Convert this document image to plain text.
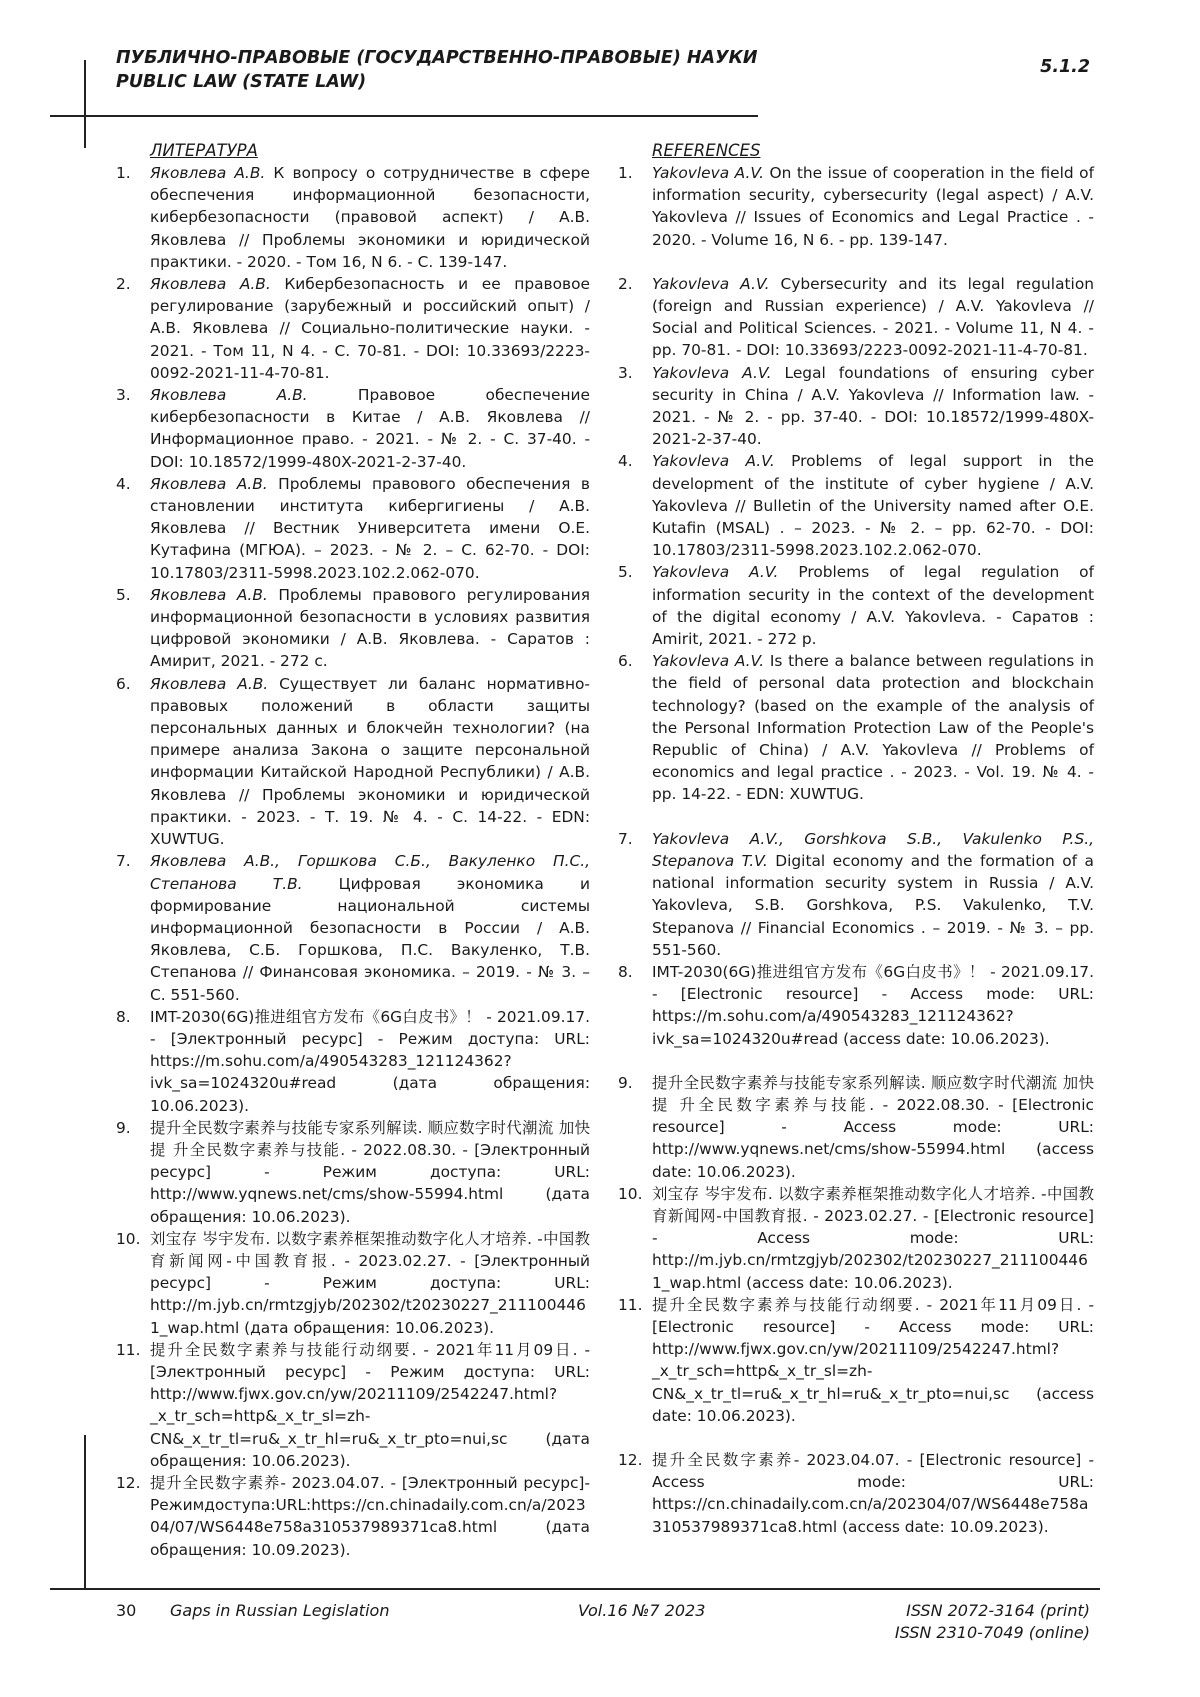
ПУБЛИЧНО-ПРАВОВЫЕ (ГОСУДАРСТВЕННО-ПРАВОВЫЕ) НАУКИ
PUBLIC LAW (STATE LAW)
5.1.2
ЛИТЕРАТУРА
1.	Яковлева А.В. К вопросу о сотрудничестве в сфере обеспечения информационной безопасности, кибербезопасности (правовой аспект) / А.В. Яковлева // Проблемы экономики и юридической практики. - 2020. - Том 16, N 6. - С. 139-147.
2.	Яковлева А.В. Кибербезопасность и ее правовое регулирование (зарубежный и российский опыт) / А.В. Яковлева // Социально-политические науки. - 2021. - Том 11, N 4. - С. 70-81. - DOI: 10.33693/2223-0092-2021-11-4-70-81.
3.	Яковлева А.В. Правовое обеспечение кибербезопасности в Китае / А.В. Яковлева // Информационное право. - 2021. - № 2. - С. 37-40. - DOI: 10.18572/1999-480X-2021-2-37-40.
4.	Яковлева А.В. Проблемы правового обеспечения в становлении института кибергигиены / А.В. Яковлева // Вестник Университета имени О.Е. Кутафина (МГЮА). – 2023. - № 2. – С. 62-70. - DOI: 10.17803/2311-5998.2023.102.2.062-070.
5.	Яковлева А.В. Проблемы правового регулирования информационной безопасности в условиях развития цифровой экономики / А.В. Яковлева. - Саратов : Амирит, 2021. - 272 с.
6.	Яковлева А.В. Существует ли баланс нормативно-правовых положений в области защиты персональных данных и блокчейн технологии? (на примере анализа Закона о защите персональной информации Китайской Народной Республики) / А.В. Яковлева // Проблемы экономики и юридической практики. - 2023. - Т. 19. № 4. - С. 14-22. - EDN: XUWTUG.
7.	Яковлева А.В., Горшкова С.Б., Вакуленко П.С., Степанова Т.В. Цифровая экономика и формирование национальной системы информационной безопасности в России / А.В. Яковлева, С.Б. Горшкова, П.С. Вакуленко, Т.В. Степанова // Финансовая экономика. – 2019. - № 3. – С. 551-560.
8.	IMT-2030(6G)推进组官方发布《6G白皮书》！ - 2021.09.17. - [Электронный ресурс] - Режим доступа: URL: https://m.sohu.com/a/490543283_121124362?ivk_sa=1024320u#read (дата обращения: 10.06.2023).
9.	提升全民数字素养与技能专家系列解读. 顺应数字时代潮流 加快提 升全民数字素养与技能. - 2022.08.30. - [Электронный ресурс] - Режим доступа: URL: http://www.yqnews.net/cms/show-55994.html (дата обращения: 10.06.2023).
10. 刘宝存 岑宇发布. 以数字素养框架推动数字化人才培养. -中国教育新闻网-中国教育报. - 2023.02.27. - [Электронный ресурс] - Режим доступа: URL: http://m.jyb.cn/rmtzgjyb/202302/t20230227_2111004461_wap.html (дата обращения: 10.06.2023).
11. 提升全民数字素养与技能行动纲要. - 2021年11月09日. - [Электронный ресурс] - Режим доступа: URL: http://www.fjwx.gov.cn/yw/20211109/2542247.html?_x_tr_sch=http&_x_tr_sl=zh-CN&_x_tr_tl=ru&_x_tr_hl=ru&_x_tr_pto=nui,sc (дата обращения: 10.06.2023).
12. 提升全民数字素养- 2023.04.07. - [Электронный ресурс]-Режимдоступа:URL:https://cn.chinadaily.com.cn/a/202304/07/WS6448e758a310537989371ca8.html (дата обращения: 10.09.2023).
REFERENCES
1.	Yakovleva A.V. On the issue of cooperation in the field of information security, cybersecurity (legal aspect) / A.V. Yakovleva // Issues of Economics and Legal Practice . - 2020. - Volume 16, N 6. - pp. 139-147.
2.	Yakovleva A.V. Cybersecurity and its legal regulation (foreign and Russian experience) / A.V. Yakovleva // Social and Political Sciences. - 2021. - Volume 11, N 4. - pp. 70-81. - DOI: 10.33693/2223-0092-2021-11-4-70-81.
3.	Yakovleva A.V. Legal foundations of ensuring cyber security in China / A.V. Yakovleva // Information law. - 2021. - № 2. - pp. 37-40. - DOI: 10.18572/1999-480X-2021-2-37-40.
4.	Yakovleva A.V. Problems of legal support in the development of the institute of cyber hygiene / A.V. Yakovleva // Bulletin of the University named after O.E. Kutafin (MSAL) . – 2023. - № 2. – pp. 62-70. - DOI: 10.17803/2311-5998.2023.102.2.062-070.
5.	Yakovleva A.V. Problems of legal regulation of information security in the context of the development of the digital economy / A.V. Yakovleva. - Саратов : Amirit, 2021. - 272 p.
6.	Yakovleva A.V. Is there a balance between regulations in the field of personal data protection and blockchain technology? (based on the example of the analysis of the Personal Information Protection Law of the People's Republic of China) / A.V. Yakovleva // Problems of economics and legal practice . - 2023. - Vol. 19. № 4. - pp. 14-22. - EDN: XUWTUG.
7.	Yakovleva A.V., Gorshkova S.B., Vakulenko P.S., Stepanova T.V. Digital economy and the formation of a national information security system in Russia / A.V. Yakovleva, S.B. Gorshkova, P.S. Vakulenko, T.V. Stepanova // Financial Economics . – 2019. - № 3. – pp. 551-560.
8.	IMT-2030(6G)推进组官方发布《6G白皮书》！ - 2021.09.17. - [Electronic resource] - Access mode: URL: https://m.sohu.com/a/490543283_121124362?ivk_sa=1024320u#read (access date: 10.06.2023).
9.	提升全民数字素养与技能专家系列解读. 顺应数字时代潮流 加快提 升全民数字素养与技能. - 2022.08.30. - [Electronic resource] - Access mode: URL: http://www.yqnews.net/cms/show-55994.html (access date: 10.06.2023).
10. 刘宝存 岑宇发布. 以数字素养框架推动数字化人才培养. -中国教育新闻网-中国教育报. - 2023.02.27. - [Electronic resource] - Access mode: URL: http://m.jyb.cn/rmtzgjyb/202302/t20230227_2111004461_wap.html (access date: 10.06.2023).
11. 提升全民数字素养与技能行动纲要. - 2021年11月09日. - [Electronic resource] - Access mode: URL: http://www.fjwx.gov.cn/yw/20211109/2542247.html?_x_tr_sch=http&_x_tr_sl=zh-CN&_x_tr_tl=ru&_x_tr_hl=ru&_x_tr_pto=nui,sc (access date: 10.06.2023).
12. 提升全民数字素养- 2023.04.07. - [Electronic resource] - Access mode: URL: https://cn.chinadaily.com.cn/a/202304/07/WS6448e758a310537989371ca8.html (access date: 10.09.2023).
30 Gaps in Russian Legislation	Vol.16 №7 2023	ISSN 2072-3164 (print)
ISSN 2310-7049 (online)
